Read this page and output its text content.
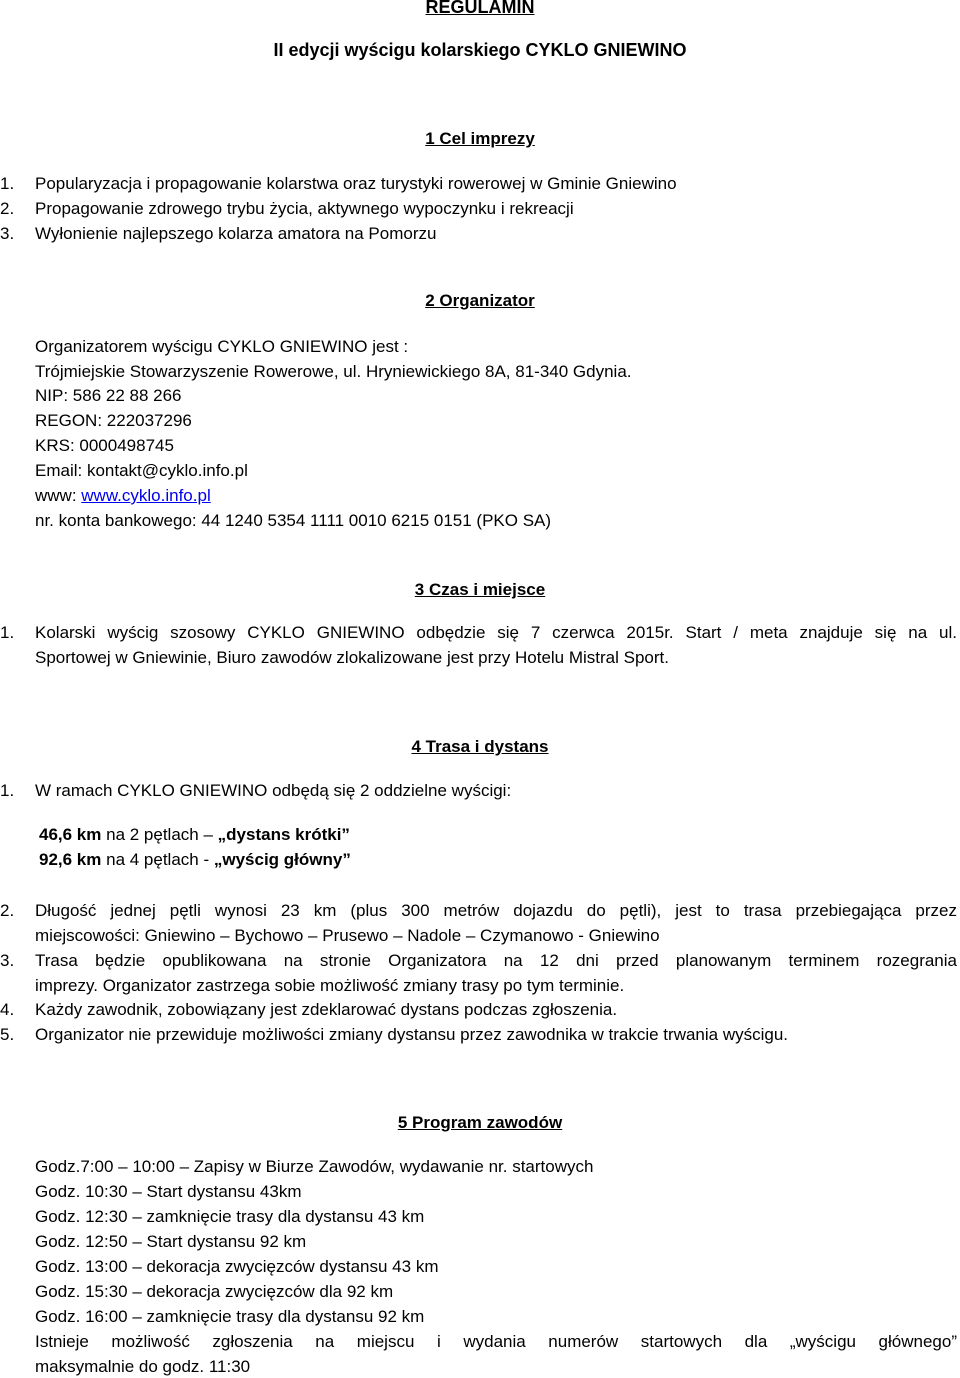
REGULAMIN
II edycji wyścigu kolarskiego CYKLO GNIEWINO
1 Cel imprezy
1. Popularyzacja i propagowanie kolarstwa oraz turystyki rowerowej w Gminie Gniewino
2. Propagowanie zdrowego trybu życia, aktywnego wypoczynku i rekreacji
3. Wyłonienie najlepszego kolarza amatora na Pomorzu
2 Organizator
Organizatorem wyścigu CYKLO GNIEWINO jest :
Trójmiejskie Stowarzyszenie Rowerowe, ul. Hryniewickiego 8A, 81-340 Gdynia.
NIP: 586 22 88 266
REGON: 222037296
KRS: 0000498745
Email: kontakt@cyklo.info.pl
www: www.cyklo.info.pl
nr. konta bankowego: 44 1240 5354 1111 0010 6215 0151 (PKO SA)
3 Czas i miejsce
1. Kolarski wyścig szosowy CYKLO GNIEWINO odbędzie się 7 czerwca 2015r. Start / meta znajduje się na ul.
Sportowej w Gniewinie, Biuro zawodów zlokalizowane jest przy Hotelu Mistral Sport.
4 Trasa i dystans
1. W ramach CYKLO GNIEWINO odbędą się 2 oddzielne wyścigi:
46,6 km na 2 pętlach – „dystans krótki”
92,6 km na 4 pętlach - „wyścig główny”
2. Długość jednej pętli wynosi 23 km (plus 300 metrów dojazdu do pętli), jest to trasa przebiegająca przez
miejscowości: Gniewino – Bychowo – Prusewo – Nadole – Czymanowo - Gniewino
3. Trasa będzie opublikowana na stronie Organizatora na 12 dni przed planowanym terminem rozegrania
imprezy. Organizator zastrzega sobie możliwość zmiany trasy po tym terminie.
4. Każdy zawodnik, zobowiązany jest zdeklarować dystans podczas zgłoszenia.
5. Organizator nie przewiduje możliwości zmiany dystansu przez zawodnika w trakcie trwania wyścigu.
5 Program zawodów
Godz.7:00 – 10:00 – Zapisy w Biurze Zawodów, wydawanie nr. startowych
Godz. 10:30 – Start dystansu 43km
Godz. 12:30 – zamknięcie trasy dla dystansu 43 km
Godz. 12:50 – Start dystansu 92 km
Godz. 13:00 – dekoracja zwycięzców dystansu 43 km
Godz. 15:30 – dekoracja zwycięzców dla 92 km
Godz. 16:00 – zamknięcie trasy dla dystansu 92 km
Istnieje możliwość zgłoszenia na miejscu i wydania numerów startowych dla „wyścigu głównego”
maksymalnie do godz. 11:30
